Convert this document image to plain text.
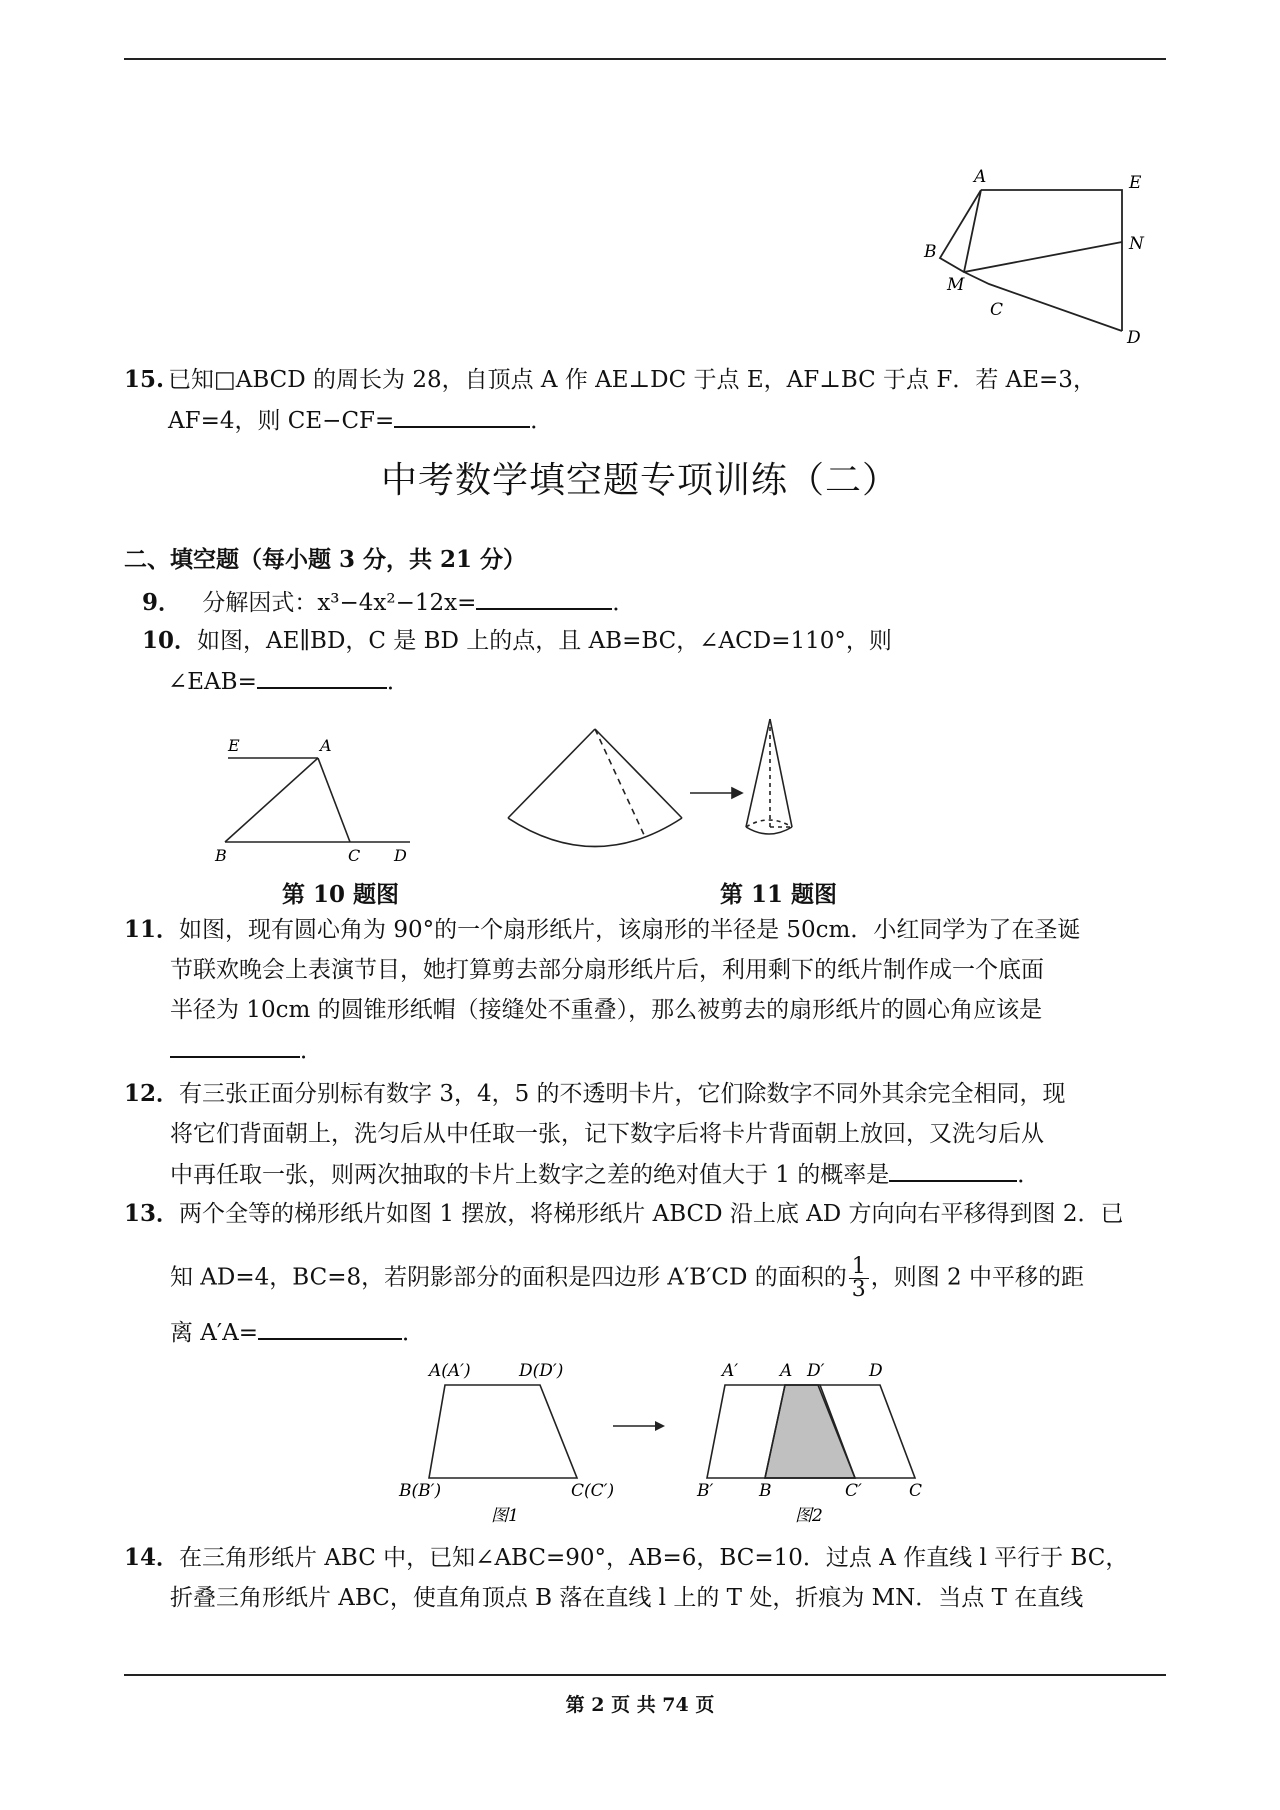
A	E
B	N
M
C
D
15. 已知□ABCD 的周长为 28，自顶点 A 作 AE⊥DC 于点 E，AF⊥BC 于点 F．若 AE=3，
AF=4，则 CE−CF=	．
中考数学填空题专项训练（二）
二、填空题（每小题 3 分，共 21 分）
9． 分解因式：x³−4x²−12x=	．
10．如图，AE∥BD，C 是 BD 上的点，且 AB=BC，∠ACD=110°，则
∠EAB=	．
E	A
B	C D
第 10 题图	第 11 题图
11．如图，现有圆心角为 90°的一个扇形纸片，该扇形的半径是 50cm．小红同学为了在圣诞
节联欢晚会上表演节目，她打算剪去部分扇形纸片后，利用剩下的纸片制作成一个底面
半径为 10cm 的圆锥形纸帽（接缝处不重叠），那么被剪去的扇形纸片的圆心角应该是
．
12．有三张正面分别标有数字 3，4，5 的不透明卡片，它们除数字不同外其余完全相同，现
将它们背面朝上，洗匀后从中任取一张，记下数字后将卡片背面朝上放回，又洗匀后从
中再任取一张，则两次抽取的卡片上数字之差的绝对值大于 1 的概率是	．
13．两个全等的梯形纸片如图 1 摆放，将梯形纸片 ABCD 沿上底 AD 方向向右平移得到图 2．已
知 AD=4，BC=8，若阴影部分的面积是四边形 A′B′CD 的面积的 $\frac{1}{3}$ ，则图 2 中平移的距
离 A′A=	．
A(A′)	D(D′)
B(B′)	C(C′)
图1
A′ A D′	D
B′	B	C′	C
图2
14．在三角形纸片 ABC 中，已知∠ABC=90°，AB=6，BC=10．过点 A 作直线 l 平行于 BC，
折叠三角形纸片 ABC，使直角顶点 B 落在直线 l 上的 T 处，折痕为 MN．当点 T 在直线
第 2 页 共 74 页
